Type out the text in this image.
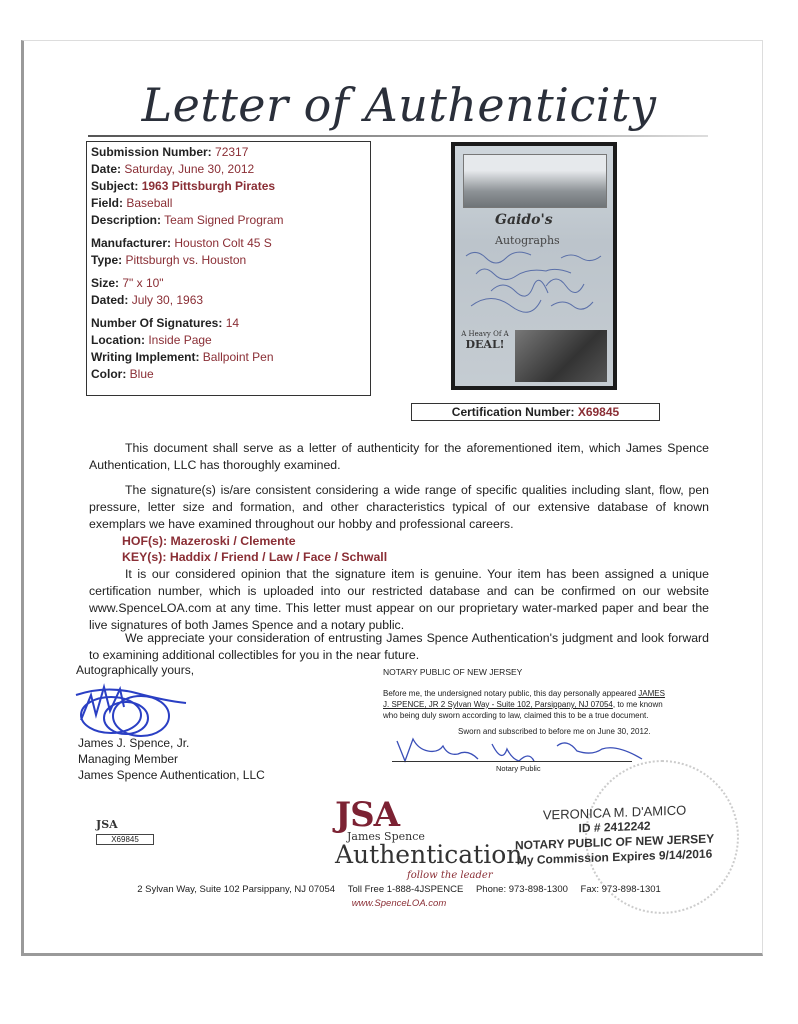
Letter of Authenticity
Submission Number: 72317
Date: Saturday, June 30, 2012
Subject: 1963 Pittsburgh Pirates
Field: Baseball
Description: Team Signed Program
Manufacturer: Houston Colt 45 S
Type: Pittsburgh vs. Houston
Size: 7" x 10"
Dated: July 30, 1963
Number Of Signatures: 14
Location: Inside Page
Writing Implement: Ballpoint Pen
Color: Blue
Gaido's
Autographs
A Heavy Of A
DEAL!
Certification Number: X69845
This document shall serve as a letter of authenticity for the aforementioned item, which James Spence Authentication, LLC has thoroughly examined.
The signature(s) is/are consistent considering a wide range of specific qualities including slant, flow, pen pressure, letter size and formation, and other characteristics typical of our extensive database of known exemplars we have examined throughout our hobby and professional careers.
HOF(s): Mazeroski / Clemente
KEY(s): Haddix / Friend / Law / Face / Schwall
It is our considered opinion that the signature item is genuine. Your item has been assigned a unique certification number, which is uploaded into our restricted database and can be confirmed on our website www.SpenceLOA.com at any time. This letter must appear on our proprietary water-marked paper and bear the live signatures of both James Spence and a notary public.
We appreciate your consideration of entrusting James Spence Authentication's judgment and look forward to examining additional collectibles for you in the near future.
Autographically yours,
James J. Spence, Jr.
Managing Member
James Spence Authentication, LLC
NOTARY PUBLIC OF NEW JERSEY
Before me, the undersigned notary public, this day personally appeared JAMES J. SPENCE, JR 2 Sylvan Way - Suite 102, Parsippany, NJ 07054, to me known who being duly sworn according to law, claimed this to be a true document.
Sworn and subscribed to before me on June 30, 2012.
Notary Public
VERONICA M. D'AMICO
ID # 2412242
NOTARY PUBLIC OF NEW JERSEY
My Commission Expires 9/14/2016
JSA
X69845
JSA
James Spence
Authentication
follow the leader
2 Sylvan Way, Suite 102 Parsippany, NJ 07054 Toll Free 1-888-4JSPENCE Phone: 973-898-1300 Fax: 973-898-1301
www.SpenceLOA.com
